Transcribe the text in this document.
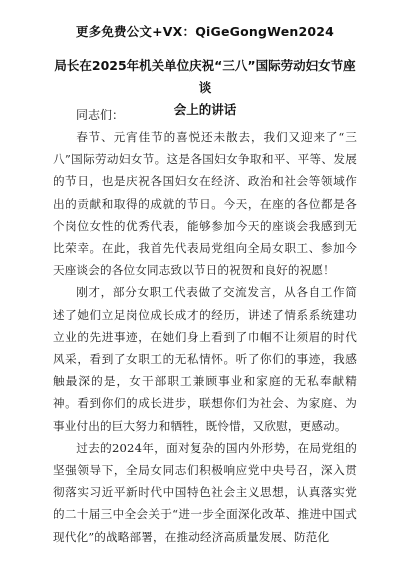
更多免费公文+VX：QiGeGongWen2024
局长在2025年机关单位庆祝“三八”国际劳动妇女节座谈
会上的讲话
同志们：

春节、元宵佳节的喜悦还未散去，我们又迎来了“三八”国际劳动妇女节。这是各国妇女争取和平、平等、发展的节日，也是庆祝各国妇女在经济、政治和社会等领域作出的贡献和取得的成就的节日。今天，在座的各位都是各个岗位女性的优秀代表，能够参加今天的座谈会我感到无比荣幸。在此，我首先代表局党组向全局女职工、参加今天座谈会的各位女同志致以节日的祝贺和良好的祝愿！

刚才，部分女职工代表做了交流发言，从各自工作简述了她们立足岗位成长成才的经历，讲述了情系系统建功立业的先进事迹，在她们身上看到了巾帼不让须眉的时代风采，看到了女职工的无私情怀。听了你们的事迹，我感触最深的是，女干部职工兼顾事业和家庭的无私奉献精神。看到你们的成长进步，联想你们为社会、为家庭、为事业付出的巨大努力和牺牲，既怜惜，又欣慰，更感动。

过去的2024年，面对复杂的国内外形势，在局党组的坚强领导下，全局女同志们积极响应党中央号召，深入贯彻落实习近平新时代中国特色社会主义思想，认真落实党的二十届三中全会关于“进一步全面深化改革、推进中国式现代化”的战略部署，在推动经济高质量发展、防范化
